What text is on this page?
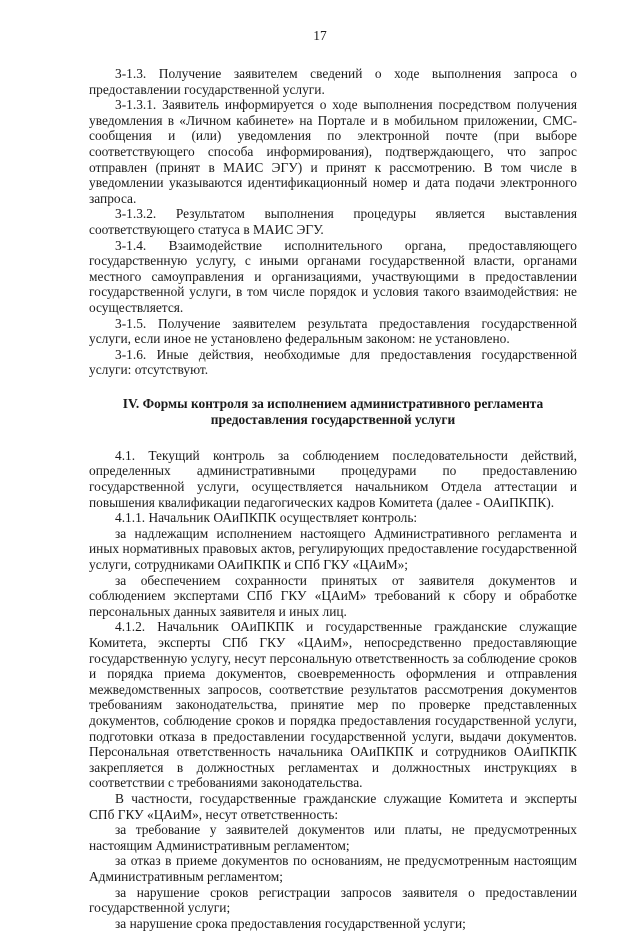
17

3-1.3. Получение заявителем сведений о ходе выполнения запроса о предоставлении государственной услуги.

3-1.3.1. Заявитель информируется о ходе выполнения посредством получения уведомления в «Личном кабинете» на Портале и в мобильном приложении, СМС-сообщения и (или) уведомления по электронной почте (при выборе соответствующего способа информирования), подтверждающего, что запрос отправлен (принят в МАИС ЭГУ) и принят к рассмотрению. В том числе в уведомлении указываются идентификационный номер и дата подачи электронного запроса.

3-1.3.2. Результатом выполнения процедуры является выставления соответствующего статуса в МАИС ЭГУ.

3-1.4. Взаимодействие исполнительного органа, предоставляющего государственную услугу, с иными органами государственной власти, органами местного самоуправления и организациями, участвующими в предоставлении государственной услуги, в том числе порядок и условия такого взаимодействия: не осуществляется.

3-1.5. Получение заявителем результата предоставления государственной услуги, если иное не установлено федеральным законом: не установлено.

3-1.6. Иные действия, необходимые для предоставления государственной услуги: отсутствуют.

IV. Формы контроля за исполнением административного регламента
предоставления государственной услуги

4.1. Текущий контроль за соблюдением последовательности действий, определенных административными процедурами по предоставлению государственной услуги, осуществляется начальником Отдела аттестации и повышения квалификации педагогических кадров Комитета (далее - ОАиПКПК).

4.1.1. Начальник ОАиПКПК осуществляет контроль:

за надлежащим исполнением настоящего Административного регламента и иных нормативных правовых актов, регулирующих предоставление государственной услуги, сотрудниками ОАиПКПК и СПб ГКУ «ЦАиМ»;

за обеспечением сохранности принятых от заявителя документов и соблюдением экспертами СПб ГКУ «ЦАиМ» требований к сбору и обработке персональных данных заявителя и иных лиц.

4.1.2. Начальник ОАиПКПК и государственные гражданские служащие Комитета, эксперты СПб ГКУ «ЦАиМ», непосредственно предоставляющие государственную услугу, несут персональную ответственность за соблюдение сроков и порядка приема документов, своевременность оформления и отправления межведомственных запросов, соответствие результатов рассмотрения документов требованиям законодательства, принятие мер по проверке представленных документов, соблюдение сроков и порядка предоставления государственной услуги, подготовки отказа в предоставлении государственной услуги, выдачи документов. Персональная ответственность начальника ОАиПКПК и сотрудников ОАиПКПК закрепляется в должностных регламентах и должностных инструкциях в соответствии с требованиями законодательства.

В частности, государственные гражданские служащие Комитета и эксперты СПб ГКУ «ЦАиМ», несут ответственность:

за требование у заявителей документов или платы, не предусмотренных настоящим Административным регламентом;

за отказ в приеме документов по основаниям, не предусмотренным настоящим Административным регламентом;

за нарушение сроков регистрации запросов заявителя о предоставлении государственной услуги;

за нарушение срока предоставления государственной услуги;
